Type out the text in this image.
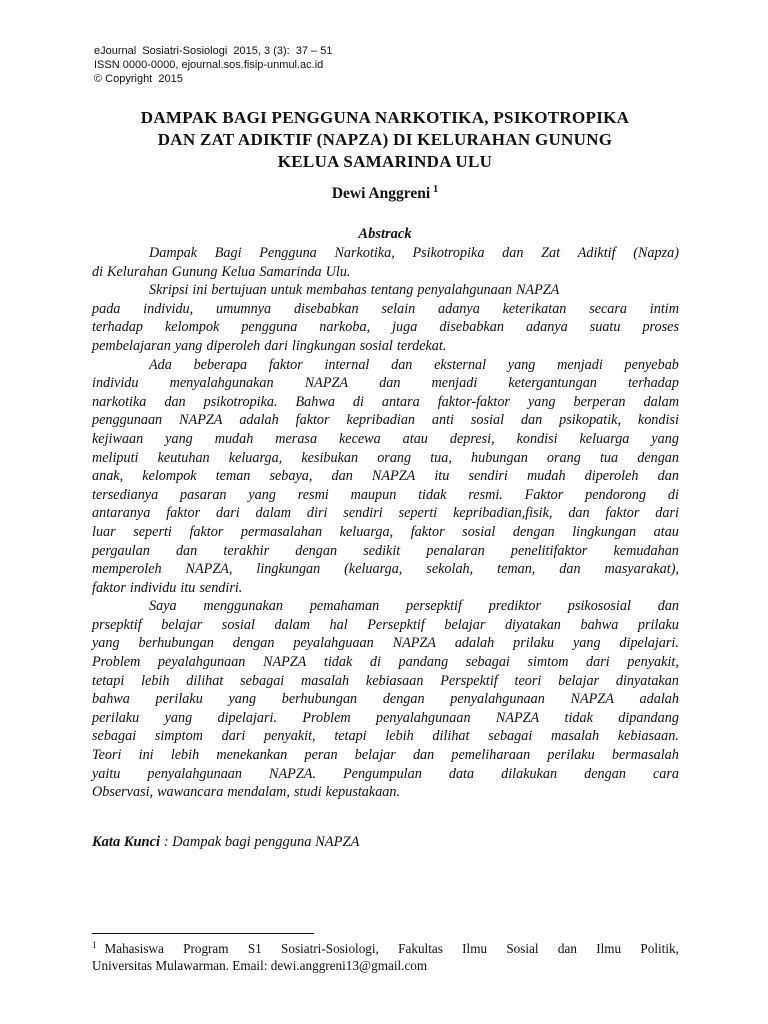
eJournal  Sosiatri-Sosiologi  2015, 3 (3):  37 – 51
ISSN 0000-0000, ejournal.sos.fisip-unmul.ac.id
© Copyright  2015
DAMPAK BAGI PENGGUNA NARKOTIKA, PSIKOTROPIKA
DAN ZAT ADIKTIF (NAPZA) DI KELURAHAN GUNUNG
KELUA SAMARINDA ULU
Dewi Anggreni $^1$
Abstrack
Dampak Bagi Pengguna Narkotika, Psikotropika dan Zat Adiktif (Napza)
di Kelurahan Gunung Kelua Samarinda Ulu.
Skripsi ini bertujuan untuk membahas tentang penyalahgunaan NAPZA
pada individu, umumnya disebabkan selain adanya keterikatan secara intim
terhadap kelompok pengguna narkoba, juga disebabkan adanya suatu proses
pembelajaran yang diperoleh dari lingkungan sosial terdekat.
Ada beberapa faktor internal dan eksternal yang menjadi penyebab
individu menyalahgunakan NAPZA dan menjadi ketergantungan terhadap
narkotika dan psikotropika. Bahwa di antara faktor-faktor yang berperan dalam
penggunaan NAPZA adalah faktor kepribadian anti sosial dan psikopatik, kondisi
kejiwaan yang mudah merasa kecewa atau depresi, kondisi keluarga yang
meliputi keutuhan keluarga, kesibukan orang tua, hubungan orang tua dengan
anak, kelompok teman sebaya, dan NAPZA itu sendiri mudah diperoleh dan
tersedianya pasaran yang resmi maupun tidak resmi. Faktor pendorong di
antaranya faktor dari dalam diri sendiri seperti kepribadian,fisik, dan faktor dari
luar seperti faktor permasalahan keluarga, faktor sosial dengan lingkungan atau
pergaulan dan terakhir dengan sedikit penalaran penelitifaktor kemudahan
memperoleh NAPZA, lingkungan (keluarga, sekolah, teman, dan masyarakat),
faktor individu itu sendiri.
Saya menggunakan pemahaman persepktif prediktor psikososial dan
prsepktif belajar sosial dalam hal Persepktif belajar diyatakan bahwa prilaku
yang berhubungan dengan peyalahguaan NAPZA adalah prilaku yang dipelajari.
Problem peyalahgunaan NAPZA tidak di pandang sebagai simtom dari penyakit,
tetapi lebih dilihat sebagai masalah kebiasaan Perspektif teori belajar dinyatakan
bahwa perilaku yang berhubungan dengan penyalahgunaan NAPZA adalah
perilaku yang dipelajari. Problem penyalahgunaan NAPZA tidak dipandang
sebagai simptom dari penyakit, tetapi lebih dilihat sebagai masalah kebiasaan.
Teori ini lebih menekankan peran belajar dan pemeliharaan perilaku bermasalah
yaitu penyalahgunaan NAPZA. Pengumpulan data dilakukan dengan cara
Observasi, wawancara mendalam, studi kepustakaan.
Kata Kunci : Dampak bagi pengguna NAPZA
$^1$ Mahasiswa Program S1 Sosiatri-Sosiologi, Fakultas Ilmu Sosial dan Ilmu Politik,
Universitas Mulawarman. Email: dewi.anggreni13@gmail.com
